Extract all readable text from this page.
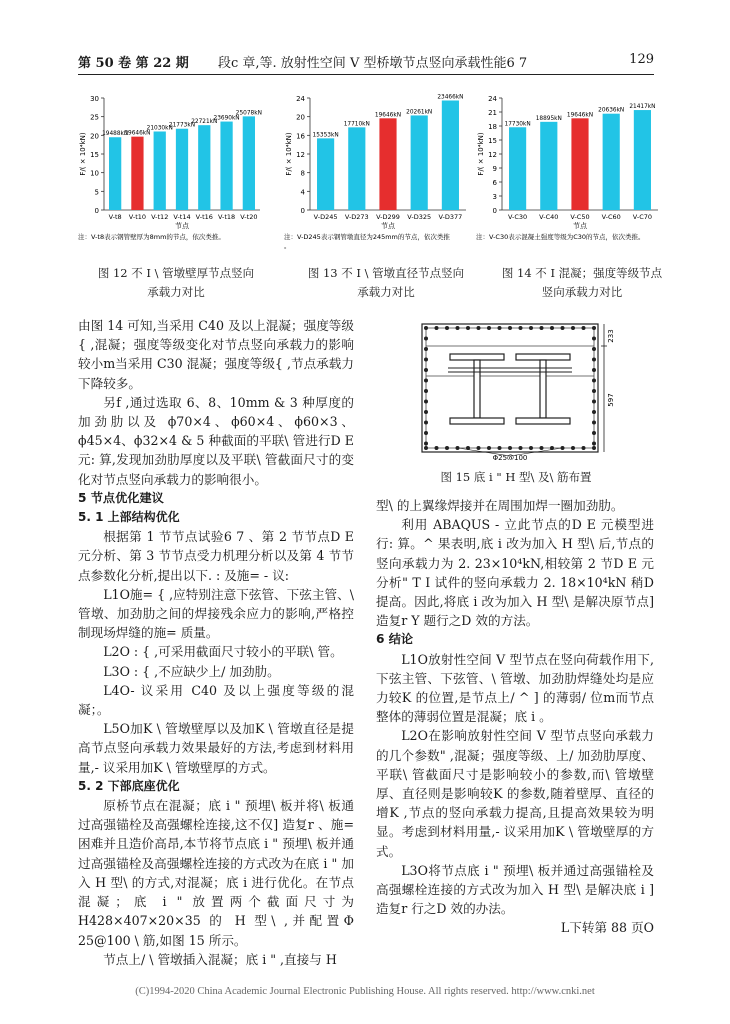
第 50 卷 第 22 期 段c 章,等. 放射性空间 V 型桥墩节点竖向承载性能6 7	129
0
5
10
15
20
25
30
F/( × 10⁴kN)	19488kN
V-t8
19646kN
V-t10
21030kN
V-t12
21773kN
V-t14
22721kN
V-t16
23690kN
V-t18
25078kN
V-t20
节点
注：V-t8表示钢管壁厚为8mm的节点，依次类推。
0
4
8
12
16
20
24
F/( × 10⁴kN)	15353kN
V-D245
17710kN
V-D273
19646kN
V-D299
20261kN
V-D325
23466kN
V-D377
节点
注：V-D245表示钢管墩直径为245mm的节点，依次类推
。
0
3
6
9
12
15
18
21
24
F/( × 10⁴kN)
17730kN
V-C30
18895kN
V-C40
19646kN
V-C50
20636kN
V-C60
21417kN
V-C70
节点
注：V-C30表示混凝土强度等级为C30的节点，依次类推。
图 12 不 I \ 管墩壁厚节点竖向
承载力对比
图 13 不 I \ 管墩直径节点竖向
承载力对比
图 14 不 I 混凝；强度等级节点
竖向承载力对比

由图 14 可知,当采用 C40 及以上混凝；强度等级{ ,混凝；强度等级变化对节点竖向承载力的影响较小m当采用 C30 混凝；强度等级{ ,节点承载力下降较多。

另f ,通过选取 6、8、10mm & 3 种厚度的加劲肋以及 ϕ70×4、ϕ60×4、ϕ60×3、ϕ45×4、ϕ32×4 & 5 种截面的平联\ 管进行D E 元: 算,发现加劲肋厚度以及平联\ 管截面尺寸的变化对节点竖向承载力的影响很小。

5 节点优化建议

5. 1 上部结构优化

根据第 1 节节点试验6 7 、第 2 节节点D E 元分析、第 3 节节点受力机理分析以及第 4 节节点参数化分析,提出以下. : 及施= - 议:

L1O施= { ,应特别注意下弦管、下弦主管、\ 管墩、加劲肋之间的焊接残余应力的影响,严格控制现场焊缝的施= 质量。

L2O : { ,可采用截面尺寸较小的平联\ 管。

L3O : { ,不应缺少上/ 加劲肋。

L4O- 议采用 C40 及以上强度等级的混凝；。

L5O加K \ 管墩壁厚以及加K \ 管墩直径是提高节点竖向承载力效果最好的方法,考虑到材料用量,- 议采用加K \ 管墩壁厚的方式。

5. 2 下部底座优化

原桥节点在混凝；底 i " 预埋\ 板并将\ 板通过高强锚栓及高强螺栓连接,这不仅] 造复r 、施= 困难并且造价高昂,本节将节点底 i " 预埋\ 板并通过高强锚栓及高强螺栓连接的方式改为在底 i " 加入 H 型\ 的方式,对混凝；底 i 进行优化。在节点混凝；底 i " 放置两个截面尺寸为 H428×407×20×35 的 H 型\ ,并配置Φ 25@100 \ 筋,如图 15 所示。

节点上/ \ 管墩插入混凝；底 i " ,直接与 H

233
597
Φ25@100
图 15 底 i " H 型\ 及\ 筋布置

型\ 的上翼缘焊接并在周围加焊一圈加劲肋。

利用 ABAQUS - 立此节点的D E 元模型进行: 算。^ 果表明,底 i 改为加入 H 型\ 后,节点的竖向承载力为 2. 23×10⁴kN,相较第 2 节D E 元分析" T I 试件的竖向承载力 2. 18×10⁴kN 稍D 提高。因此,将底 i 改为加入 H 型\ 是解决原节点] 造复r Y 题行之D 效的方法。

6 结论

L1O放射性空间 V 型节点在竖向荷载作用下,下弦主管、下弦管、\ 管墩、加劲肋焊缝处均是应力较K 的位置,是节点上/ ^ ] 的薄弱/ 位m而节点整体的薄弱位置是混凝；底 i 。

L2O在影响放射性空间 V 型节点竖向承载力的几个参数" ,混凝；强度等级、上/ 加劲肋厚度、平联\ 管截面尺寸是影响较小的参数,而\ 管墩壁厚、直径则是影响较K 的参数,随着壁厚、直径的增K ,节点的竖向承载力提高,且提高效果较为明显。考虑到材料用量,- 议采用加K \ 管墩壁厚的方式。

L3O将节点底 i " 预埋\ 板并通过高强锚栓及高强螺栓连接的方式改为加入 H 型\ 是解决底 i ] 造复r 行之D 效的办法。

L下转第 88 页O

(C)1994-2020 China Academic Journal Electronic Publishing House. All rights reserved. http://www.cnki.net
